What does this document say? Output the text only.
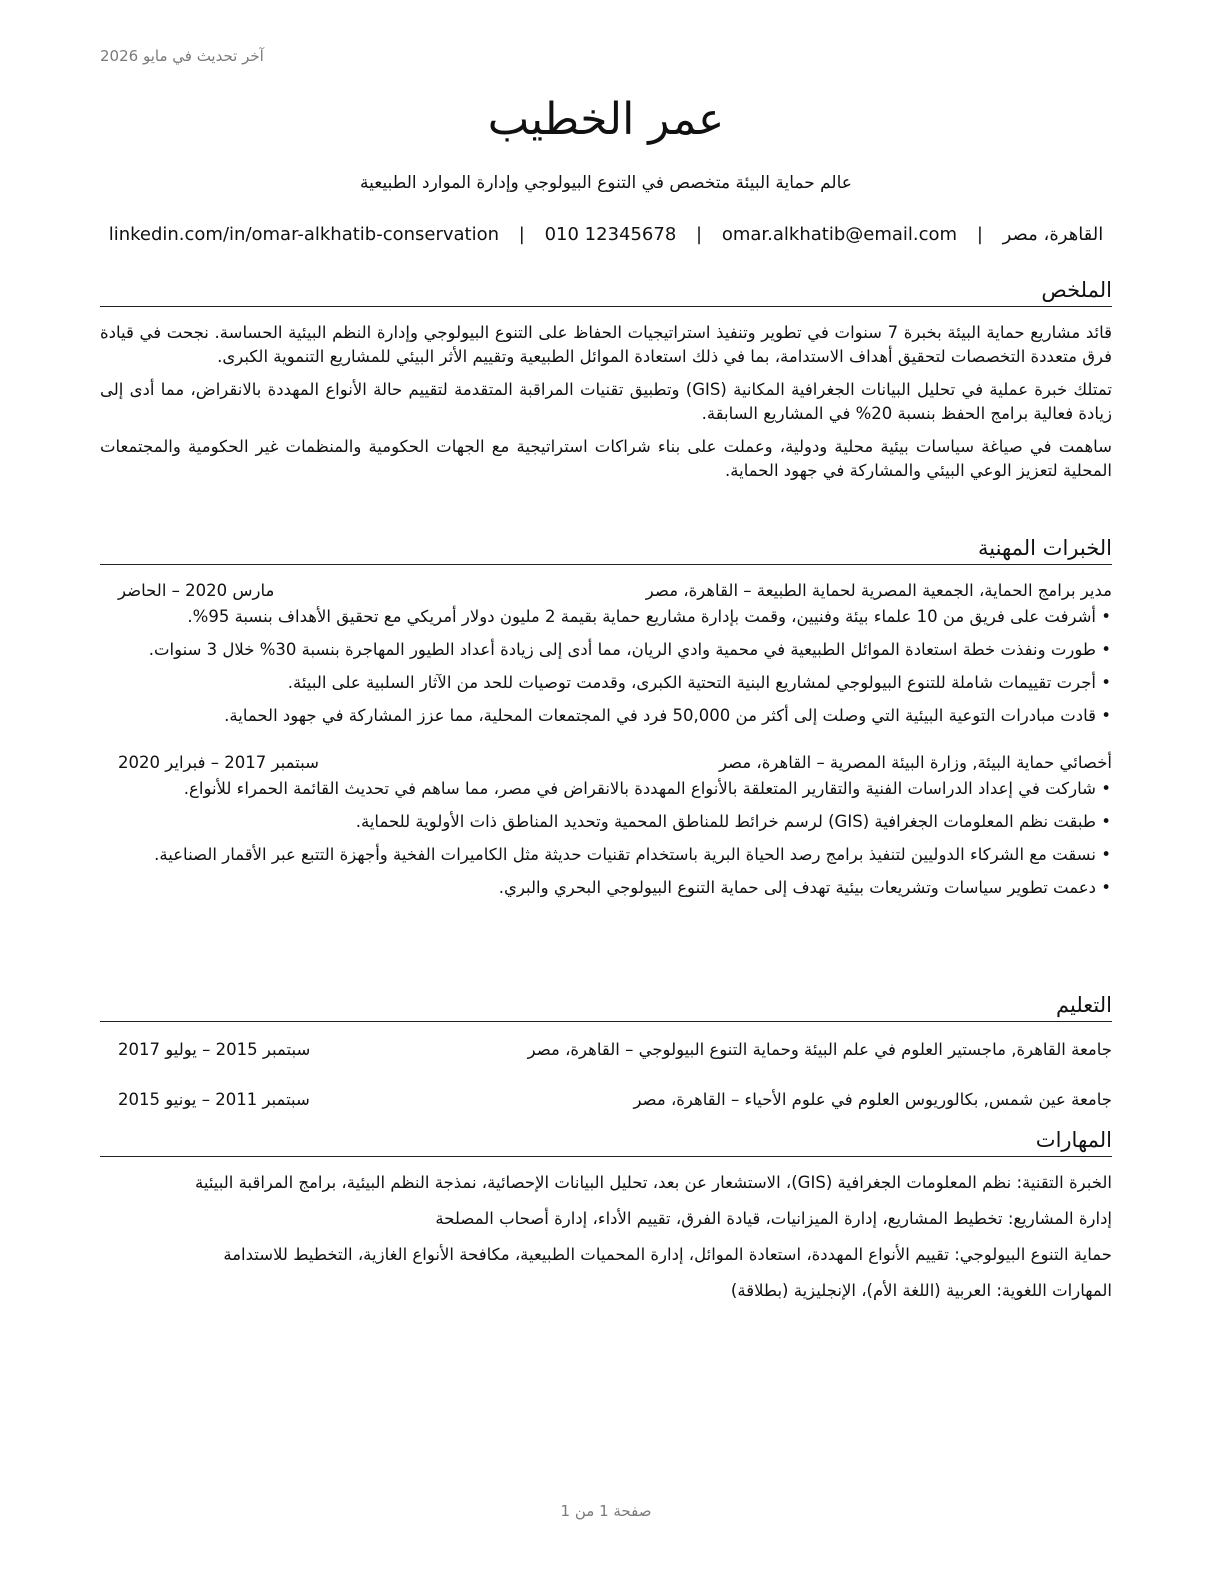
آخر تحديث في مايو 2026
عمر الخطيب

عالم حماية البيئة متخصص في التنوع البيولوجي وإدارة الموارد الطبيعية

القاهرة، مصر | omar.alkhatib@email.com | 010 12345678 | linkedin.com/in/omar-alkhatib-conservation
الملخص

قائد مشاريع حماية البيئة بخبرة 7 سنوات في تطوير وتنفيذ استراتيجيات الحفاظ على التنوع البيولوجي وإدارة النظم البيئية الحساسة. نجحت في قيادة فرق متعددة التخصصات لتحقيق أهداف الاستدامة، بما في ذلك استعادة الموائل الطبيعية وتقييم الأثر البيئي للمشاريع التنموية الكبرى.

تمتلك خبرة عملية في تحليل البيانات الجغرافية المكانية (GIS) وتطبيق تقنيات المراقبة المتقدمة لتقييم حالة الأنواع المهددة بالانقراض، مما أدى إلى زيادة فعالية برامج الحفظ بنسبة 20% في المشاريع السابقة.

ساهمت في صياغة سياسات بيئية محلية ودولية، وعملت على بناء شراكات استراتيجية مع الجهات الحكومية والمنظمات غير الحكومية والمجتمعات المحلية لتعزيز الوعي البيئي والمشاركة في جهود الحماية.

الخبرات المهنية
مدير برامج الحماية، الجمعية المصرية لحماية الطبيعة – القاهرة، مصر
مارس 2020 – الحاضر
• أشرفت على فريق من 10 علماء بيئة وفنيين، وقمت بإدارة مشاريع حماية بقيمة 2 مليون دولار أمريكي مع تحقيق الأهداف بنسبة 95%.
• طورت ونفذت خطة استعادة الموائل الطبيعية في محمية وادي الريان، مما أدى إلى زيادة أعداد الطيور المهاجرة بنسبة 30% خلال 3 سنوات.
• أجرت تقييمات شاملة للتنوع البيولوجي لمشاريع البنية التحتية الكبرى، وقدمت توصيات للحد من الآثار السلبية على البيئة.
• قادت مبادرات التوعية البيئية التي وصلت إلى أكثر من 50,000 فرد في المجتمعات المحلية، مما عزز المشاركة في جهود الحماية.
أخصائي حماية البيئة, وزارة البيئة المصرية – القاهرة، مصر
سبتمبر 2017 – فبراير 2020
• شاركت في إعداد الدراسات الفنية والتقارير المتعلقة بالأنواع المهددة بالانقراض في مصر، مما ساهم في تحديث القائمة الحمراء للأنواع.
• طبقت نظم المعلومات الجغرافية (GIS) لرسم خرائط للمناطق المحمية وتحديد المناطق ذات الأولوية للحماية.
• نسقت مع الشركاء الدوليين لتنفيذ برامج رصد الحياة البرية باستخدام تقنيات حديثة مثل الكاميرات الفخية وأجهزة التتبع عبر الأقمار الصناعية.
• دعمت تطوير سياسات وتشريعات بيئية تهدف إلى حماية التنوع البيولوجي البحري والبري.
التعليم
جامعة القاهرة, ماجستير العلوم في علم البيئة وحماية التنوع البيولوجي – القاهرة، مصر
سبتمبر 2015 – يوليو 2017
جامعة عين شمس, بكالوريوس العلوم في علوم الأحياء – القاهرة، مصر
سبتمبر 2011 – يونيو 2015
المهارات

الخبرة التقنية: نظم المعلومات الجغرافية (GIS)، الاستشعار عن بعد، تحليل البيانات الإحصائية، نمذجة النظم البيئية، برامج المراقبة البيئية

إدارة المشاريع: تخطيط المشاريع، إدارة الميزانيات، قيادة الفرق، تقييم الأداء، إدارة أصحاب المصلحة

حماية التنوع البيولوجي: تقييم الأنواع المهددة، استعادة الموائل، إدارة المحميات الطبيعية، مكافحة الأنواع الغازية، التخطيط للاستدامة

المهارات اللغوية: العربية (اللغة الأم)، الإنجليزية (بطلاقة)

صفحة 1 من 1
